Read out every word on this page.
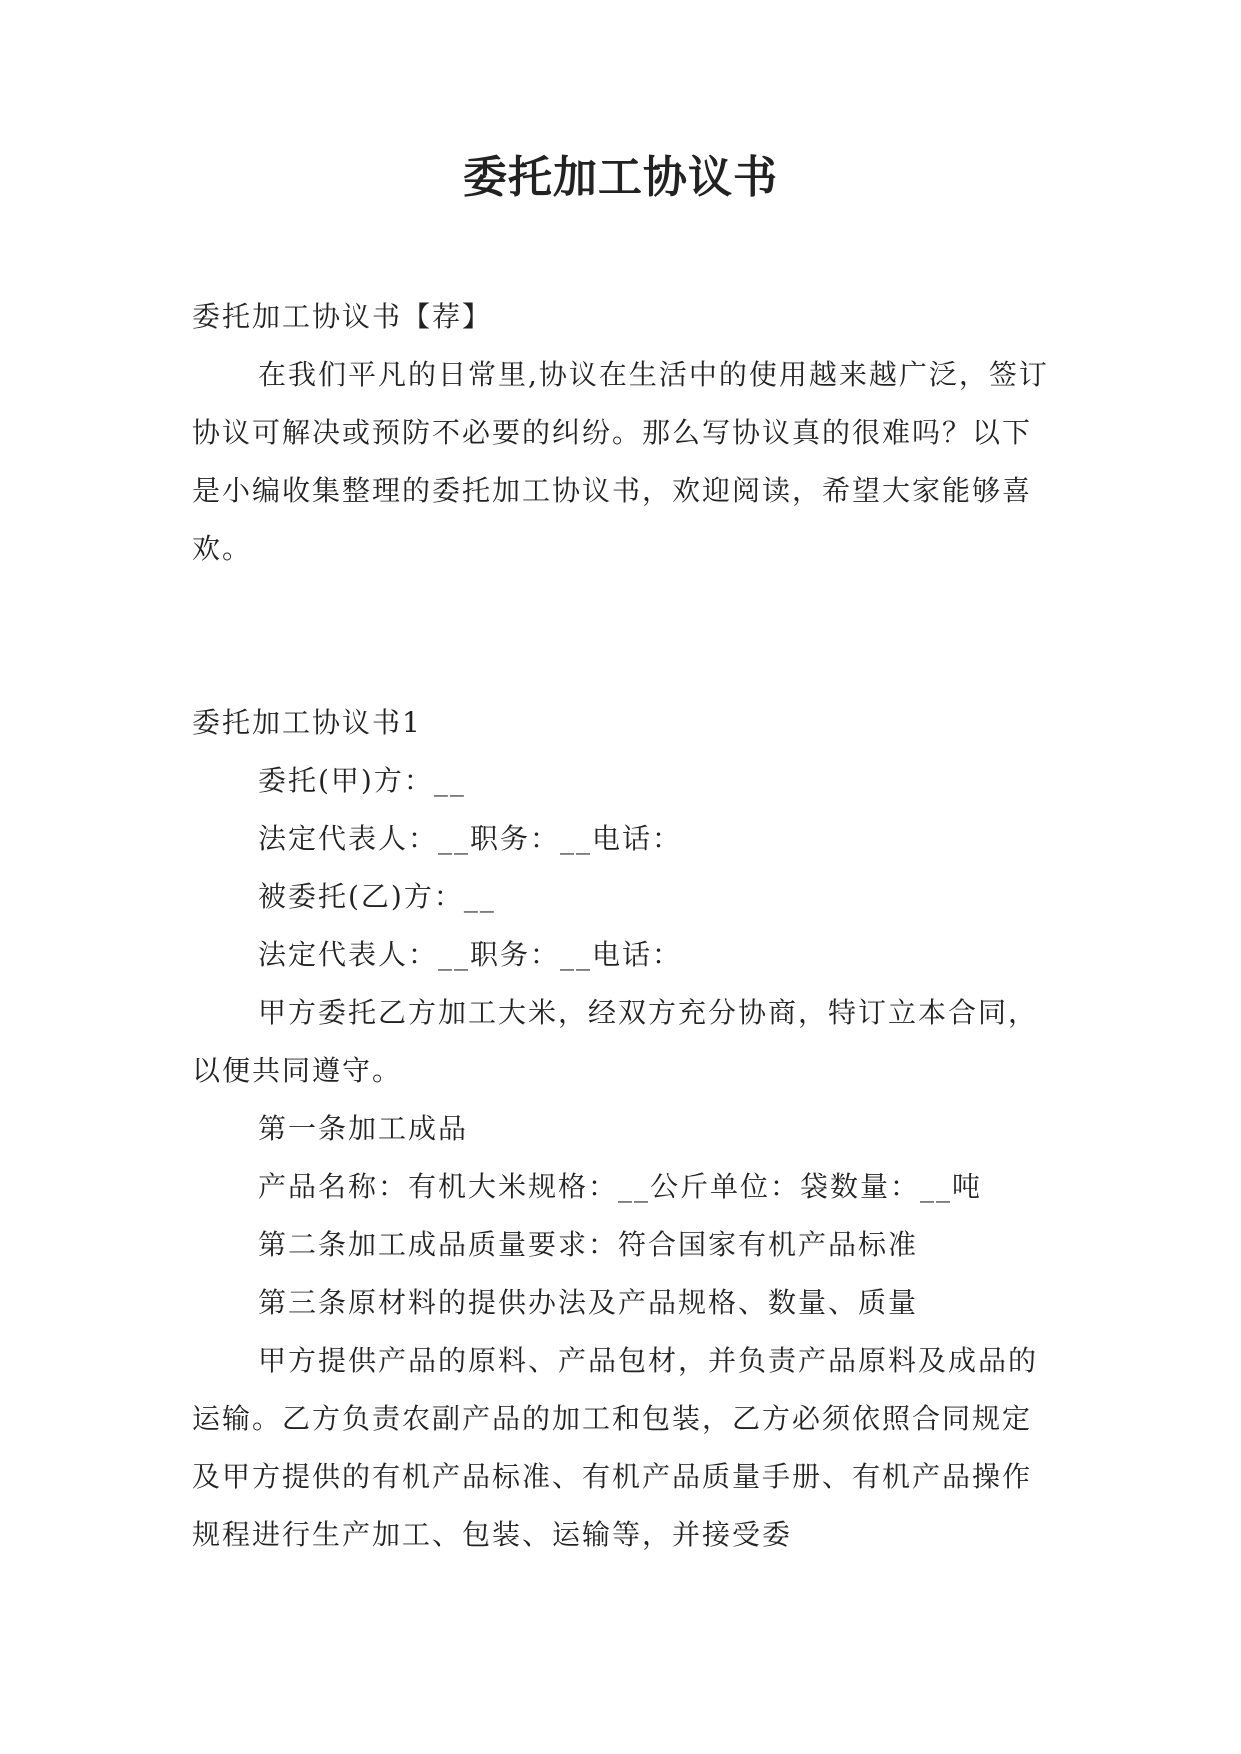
委托加工协议书

委托加工协议书【荐】

在我们平凡的日常里,协议在生活中的使用越来越广泛，签订协议可解决或预防不必要的纠纷。那么写协议真的很难吗？以下是小编收集整理的委托加工协议书，欢迎阅读，希望大家能够喜欢。

委托加工协议书1

委托(甲)方：__

法定代表人：__职务：__电话：

被委托(乙)方：__

法定代表人：__职务：__电话：

甲方委托乙方加工大米，经双方充分协商，特订立本合同，以便共同遵守。

第一条加工成品

产品名称：有机大米规格：__公斤单位：袋数量：__吨

第二条加工成品质量要求：符合国家有机产品标准

第三条原材料的提供办法及产品规格、数量、质量

甲方提供产品的原料、产品包材，并负责产品原料及成品的运输。乙方负责农副产品的加工和包装，乙方必须依照合同规定及甲方提供的有机产品标准、有机产品质量手册、有机产品操作规程进行生产加工、包装、运输等，并接受委
